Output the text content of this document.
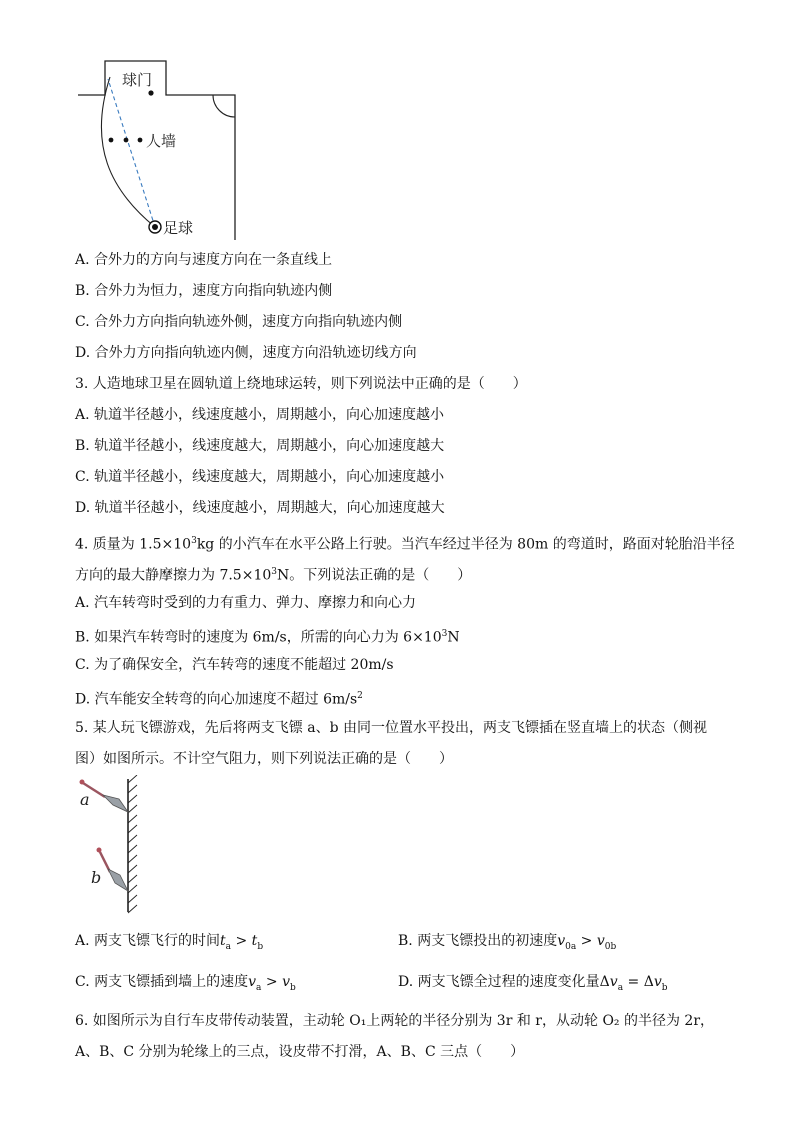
球门
人墙
足球
A. 合外力的方向与速度方向在一条直线上
B. 合外力为恒力，速度方向指向轨迹内侧
C. 合外力方向指向轨迹外侧，速度方向指向轨迹内侧
D. 合外力方向指向轨迹内侧，速度方向沿轨迹切线方向
3. 人造地球卫星在圆轨道上绕地球运转，则下列说法中正确的是（　　）
A. 轨道半径越小，线速度越小，周期越小，向心加速度越小
B. 轨道半径越小，线速度越大，周期越小，向心加速度越大
C. 轨道半径越小，线速度越大，周期越小，向心加速度越小
D. 轨道半径越小，线速度越小，周期越大，向心加速度越大
4. 质量为 $1.5\times 10^3kg$ 的小汽车在水平公路上行驶。当汽车经过半径为 80m 的弯道时，路面对轮胎沿半径
方向的最大静摩擦力为 $7.5\times 10^3N$。下列说法正确的是（　　）
A. 汽车转弯时受到的力有重力、弹力、摩擦力和向心力
B. 如果汽车转弯时的速度为 6m/s，所需的向心力为 $6\times 10^3N$
C. 为了确保安全，汽车转弯的速度不能超过 20m/s
D. 汽车能安全转弯的向心加速度不超过 $6m/s^2$
5. 某人玩飞镖游戏，先后将两支飞镖 a、b 由同一位置水平投出，两支飞镖插在竖直墙上的状态（侧视
图）如图所示。不计空气阻力，则下列说法正确的是（　　）
a
b
A. 两支飞镖飞行的时间$t_a > t_b$	B. 两支飞镖投出的初速度$v_{0a} > v_{0b}$
C. 两支飞镖插到墙上的速度$v_a > v_b$	D. 两支飞镖全过程的速度变化量$\Delta v_a = \Delta v_b$
6. 如图所示为自行车皮带传动装置，主动轮 O₁上两轮的半径分别为 3r 和 r，从动轮 O₂ 的半径为 2r，
A、B、C 分别为轮缘上的三点，设皮带不打滑，A、B、C 三点（　　）
